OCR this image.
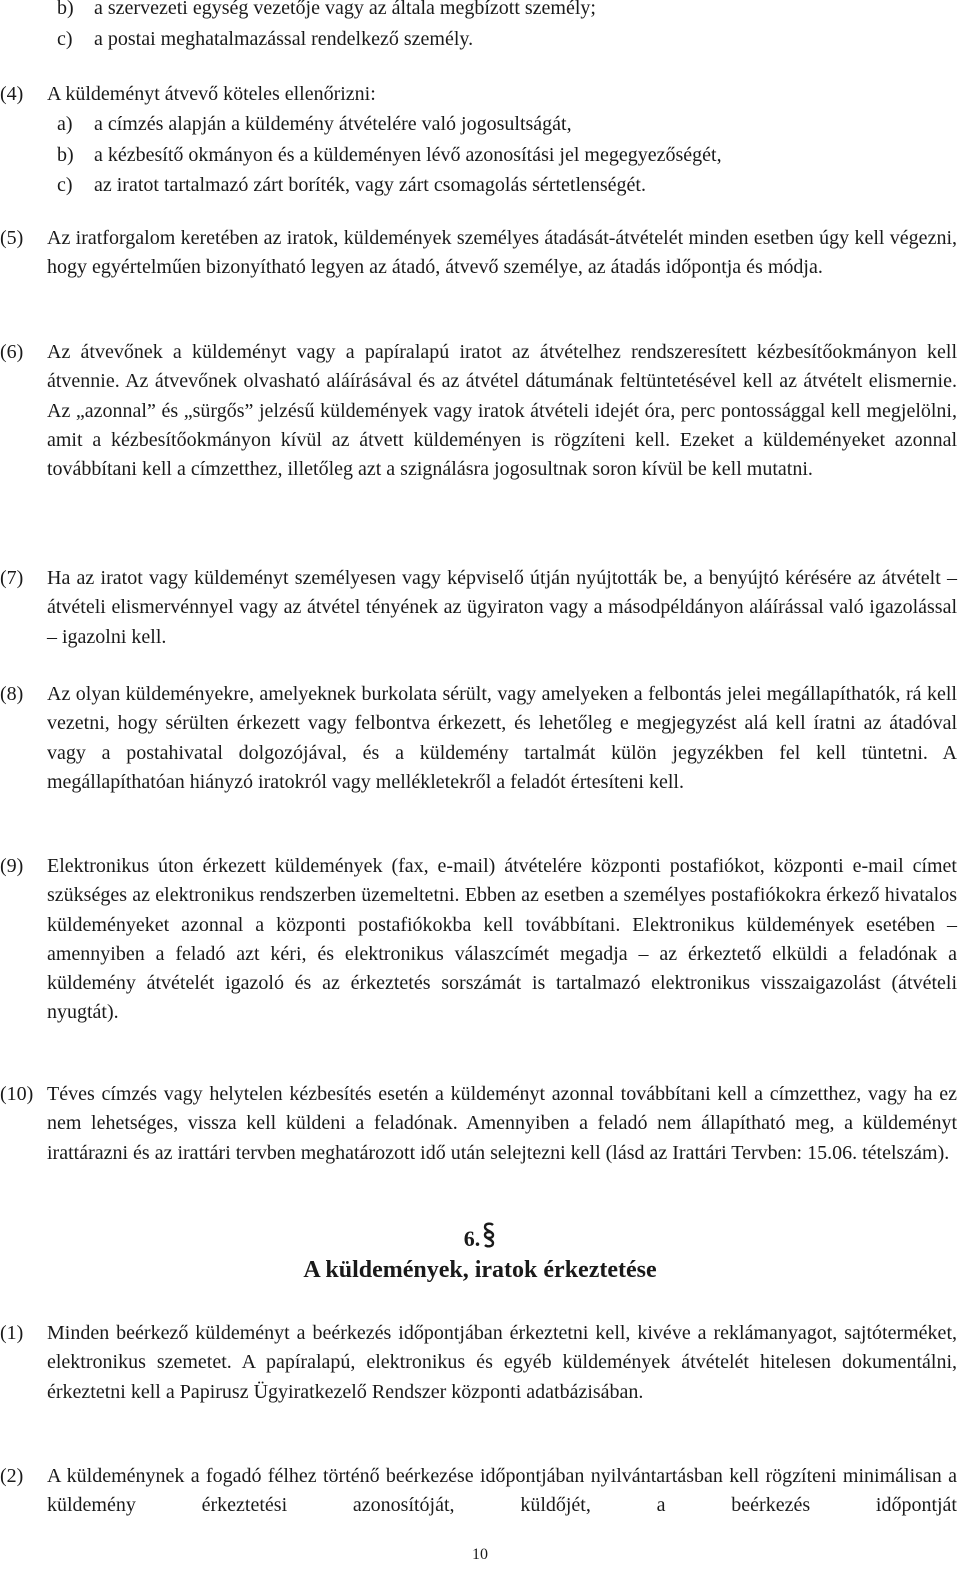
b) a szervezeti egység vezetője vagy az általa megbízott személy;
c) a postai meghatalmazással rendelkező személy.
(4) A küldeményt átvevő köteles ellenőrizni:
a) a címzés alapján a küldemény átvételére való jogosultságát,
b) a kézbesítő okmányon és a küldeményen lévő azonosítási jel megegyezőségét,
c) az iratot tartalmazó zárt boríték, vagy zárt csomagolás sértetlenségét.
(5) Az iratforgalom keretében az iratok, küldemények személyes átadását-átvételét minden esetben úgy kell végezni, hogy egyértelműen bizonyítható legyen az átadó, átvevő személye, az átadás időpontja és módja.
(6) Az átvevőnek a küldeményt vagy a papíralapú iratot az átvételhez rendszeresített kézbesítőokmányon kell átvennie. Az átvevőnek olvasható aláírásával és az átvétel dátumának feltüntetésével kell az átvételt elismernie. Az „azonnal” és „sürgős” jelzésű küldemények vagy iratok átvételi idejét óra, perc pontossággal kell megjelölni, amit a kézbesítőokmányon kívül az átvett küldeményen is rögzíteni kell. Ezeket a küldeményeket azonnal továbbítani kell a címzetthez, illetőleg azt a szignálásra jogosultnak soron kívül be kell mutatni.
(7) Ha az iratot vagy küldeményt személyesen vagy képviselő útján nyújtották be, a benyújtó kérésére az átvételt – átvételi elismervénnyel vagy az átvétel tényének az ügyiraton vagy a másodpéldányon aláírással való igazolással – igazolni kell.
(8) Az olyan küldeményekre, amelyeknek burkolata sérült, vagy amelyeken a felbontás jelei megállapíthatók, rá kell vezetni, hogy sérülten érkezett vagy felbontva érkezett, és lehetőleg e megjegyzést alá kell íratni az átadóval vagy a postahivatal dolgozójával, és a küldemény tartalmát külön jegyzékben fel kell tüntetni. A megállapíthatóan hiányzó iratokról vagy mellékletekről a feladót értesíteni kell.
(9) Elektronikus úton érkezett küldemények (fax, e-mail) átvételére központi postafiókot, központi e-mail címet szükséges az elektronikus rendszerben üzemeltetni. Ebben az esetben a személyes postafiókokra érkező hivatalos küldeményeket azonnal a központi postafiókokba kell továbbítani. Elektronikus küldemények esetében – amennyiben a feladó azt kéri, és elektronikus válaszcímét megadja – az érkeztető elküldi a feladónak a küldemény átvételét igazoló és az érkeztetés sorszámát is tartalmazó elektronikus visszaigazolást (átvételi nyugtát).
(10) Téves címzés vagy helytelen kézbesítés esetén a küldeményt azonnal továbbítani kell a címzetthez, vagy ha ez nem lehetséges, vissza kell küldeni a feladónak. Amennyiben a feladó nem állapítható meg, a küldeményt irattárazni és az irattári tervben meghatározott idő után selejtezni kell (lásd az Irattári Tervben: 15.06. tételszám).
6.
A küldemények, iratok érkeztetése
(1) Minden beérkező küldeményt a beérkezés időpontjában érkeztetni kell, kivéve a reklámanyagot, sajtóterméket, elektronikus szemetet. A papíralapú, elektronikus és egyéb küldemények átvételét hitelesen dokumentálni, érkeztetni kell a Papirusz Ügyiratkezelő Rendszer központi adatbázisában.
(2) A küldeménynek a fogadó félhez történő beérkezése időpontjában nyilvántartásban kell rögzíteni minimálisan a küldemény érkeztetési azonosítóját, küldőjét, a beérkezés időpontját
10
